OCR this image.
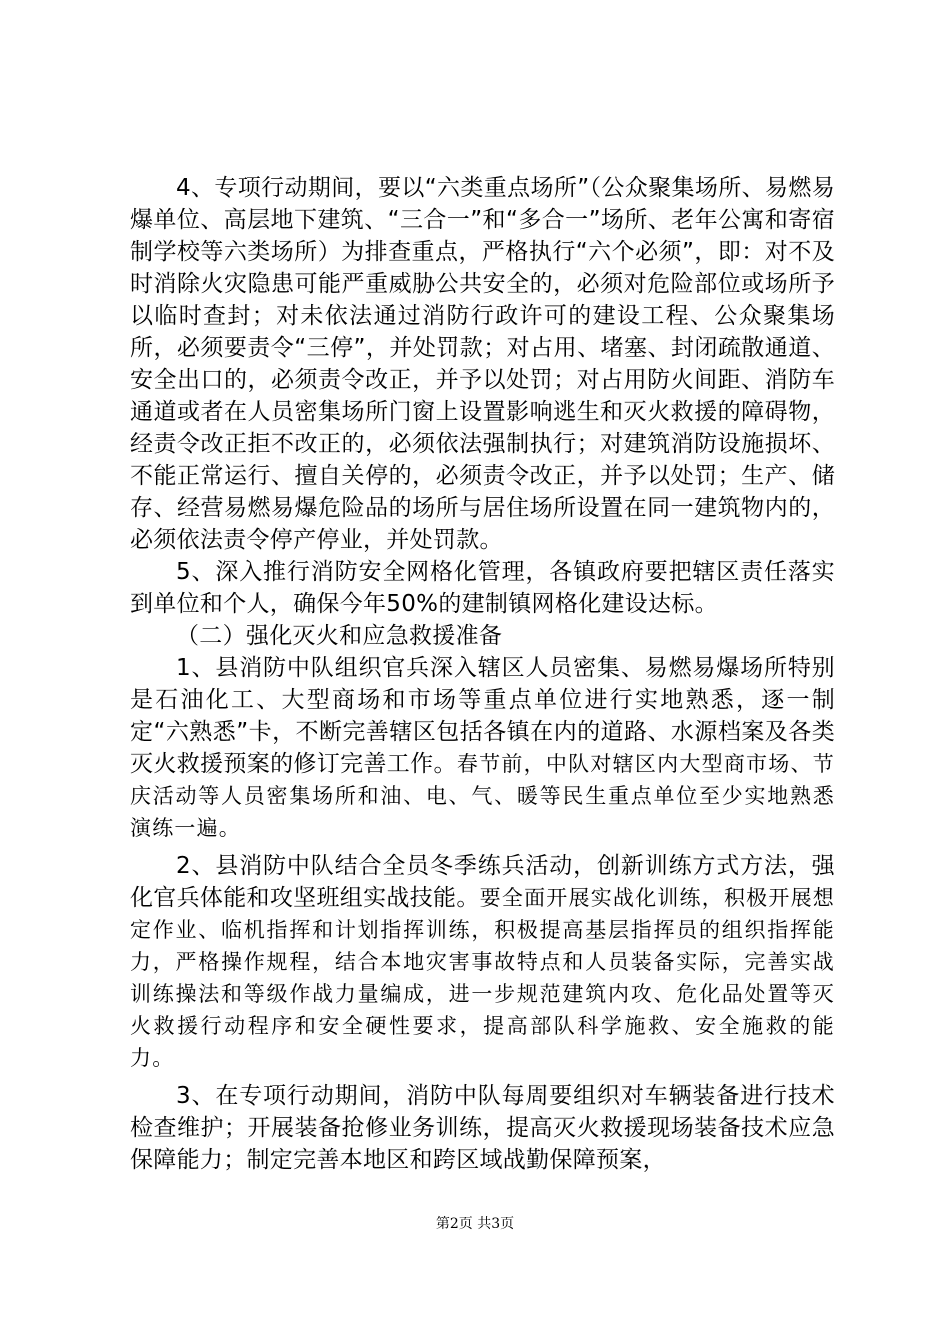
4、专项行动期间，要以“六类重点场所”（公众聚集场所、易燃易爆单位、高层地下建筑、“三合一”和“多合一”场所、老年公寓和寄宿制学校等六类场所）为排查重点，严格执行“六个必须”，即：对不及时消除火灾隐患可能严重威胁公共安全的，必须对危险部位或场所予以临时查封；对未依法通过消防行政许可的建设工程、公众聚集场所，必须要责令“三停”，并处罚款；对占用、堵塞、封闭疏散通道、安全出口的，必须责令改正，并予以处罚；对占用防火间距、消防车通道或者在人员密集场所门窗上设置影响逃生和灭火救援的障碍物，经责令改正拒不改正的，必须依法强制执行；对建筑消防设施损坏、不能正常运行、擅自关停的，必须责令改正，并予以处罚；生产、储存、经营易燃易爆危险品的场所与居住场所设置在同一建筑物内的，必须依法责令停产停业，并处罚款。

5、深入推行消防安全网格化管理，各镇政府要把辖区责任落实到单位和个人，确保今年50%的建制镇网格化建设达标。

（二）强化灭火和应急救援准备

1、县消防中队组织官兵深入辖区人员密集、易燃易爆场所特别是石油化工、大型商场和市场等重点单位进行实地熟悉，逐一制定“六熟悉”卡，不断完善辖区包括各镇在内的道路、水源档案及各类灭火救援预案的修订完善工作。春节前，中队对辖区内大型商市场、节庆活动等人员密集场所和油、电、气、暖等民生重点单位至少实地熟悉演练一遍。

2、县消防中队结合全员冬季练兵活动，创新训练方式方法，强化官兵体能和攻坚班组实战技能。要全面开展实战化训练，积极开展想定作业、临机指挥和计划指挥训练，积极提高基层指挥员的组织指挥能力，严格操作规程，结合本地灾害事故特点和人员装备实际，完善实战训练操法和等级作战力量编成，进一步规范建筑内攻、危化品处置等灭火救援行动程序和安全硬性要求，提高部队科学施救、安全施救的能力。

3、在专项行动期间，消防中队每周要组织对车辆装备进行技术检查维护；开展装备抢修业务训练，提高灭火救援现场装备技术应急保障能力；制定完善本地区和跨区域战勤保障预案，

第2页 共3页
